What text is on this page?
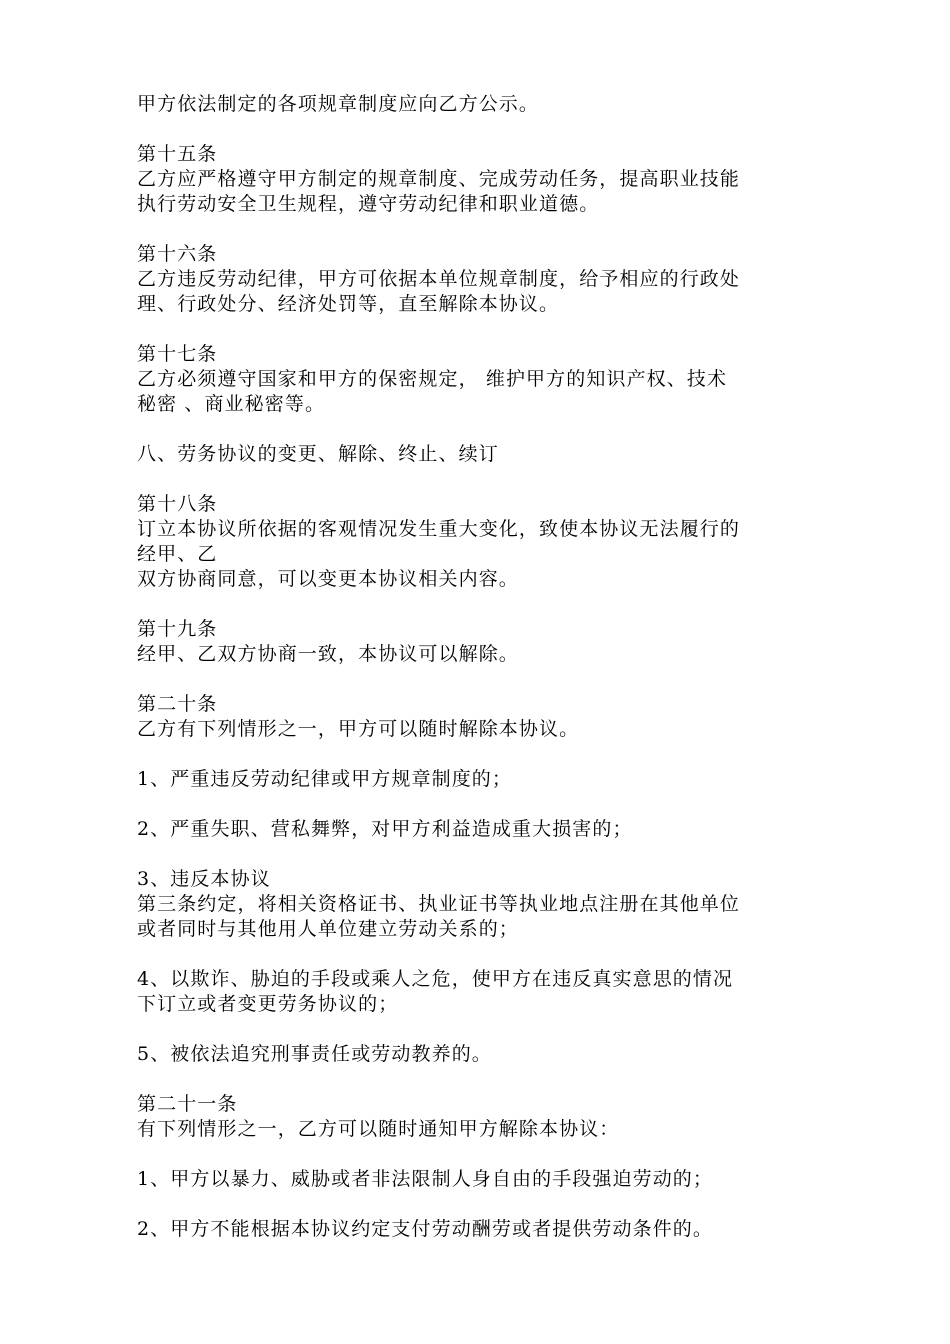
甲方依法制定的各项规章制度应向乙方公示。
第十五条
乙方应严格遵守甲方制定的规章制度、完成劳动任务，提高职业技能
执行劳动安全卫生规程，遵守劳动纪律和职业道德。
第十六条
乙方违反劳动纪律，甲方可依据本单位规章制度，给予相应的行政处
理、行政处分、经济处罚等，直至解除本协议。
第十七条
乙方必须遵守国家和甲方的保密规定， 维护甲方的知识产权、技术
秘密 、商业秘密等。
八、劳务协议的变更、解除、终止、续订
第十八条
订立本协议所依据的客观情况发生重大变化，致使本协议无法履行的
经甲、乙
双方协商同意，可以变更本协议相关内容。
第十九条
经甲、乙双方协商一致，本协议可以解除。
第二十条
乙方有下列情形之一，甲方可以随时解除本协议。
1、严重违反劳动纪律或甲方规章制度的；
2、严重失职、营私舞弊，对甲方利益造成重大损害的；
3、违反本协议
第三条约定，将相关资格证书、执业证书等执业地点注册在其他单位
或者同时与其他用人单位建立劳动关系的；
4、以欺诈、胁迫的手段或乘人之危，使甲方在违反真实意思的情况
下订立或者变更劳务协议的；
5、被依法追究刑事责任或劳动教养的。
第二十一条
有下列情形之一，乙方可以随时通知甲方解除本协议：
1、甲方以暴力、威胁或者非法限制人身自由的手段强迫劳动的；
2、甲方不能根据本协议约定支付劳动酬劳或者提供劳动条件的。
